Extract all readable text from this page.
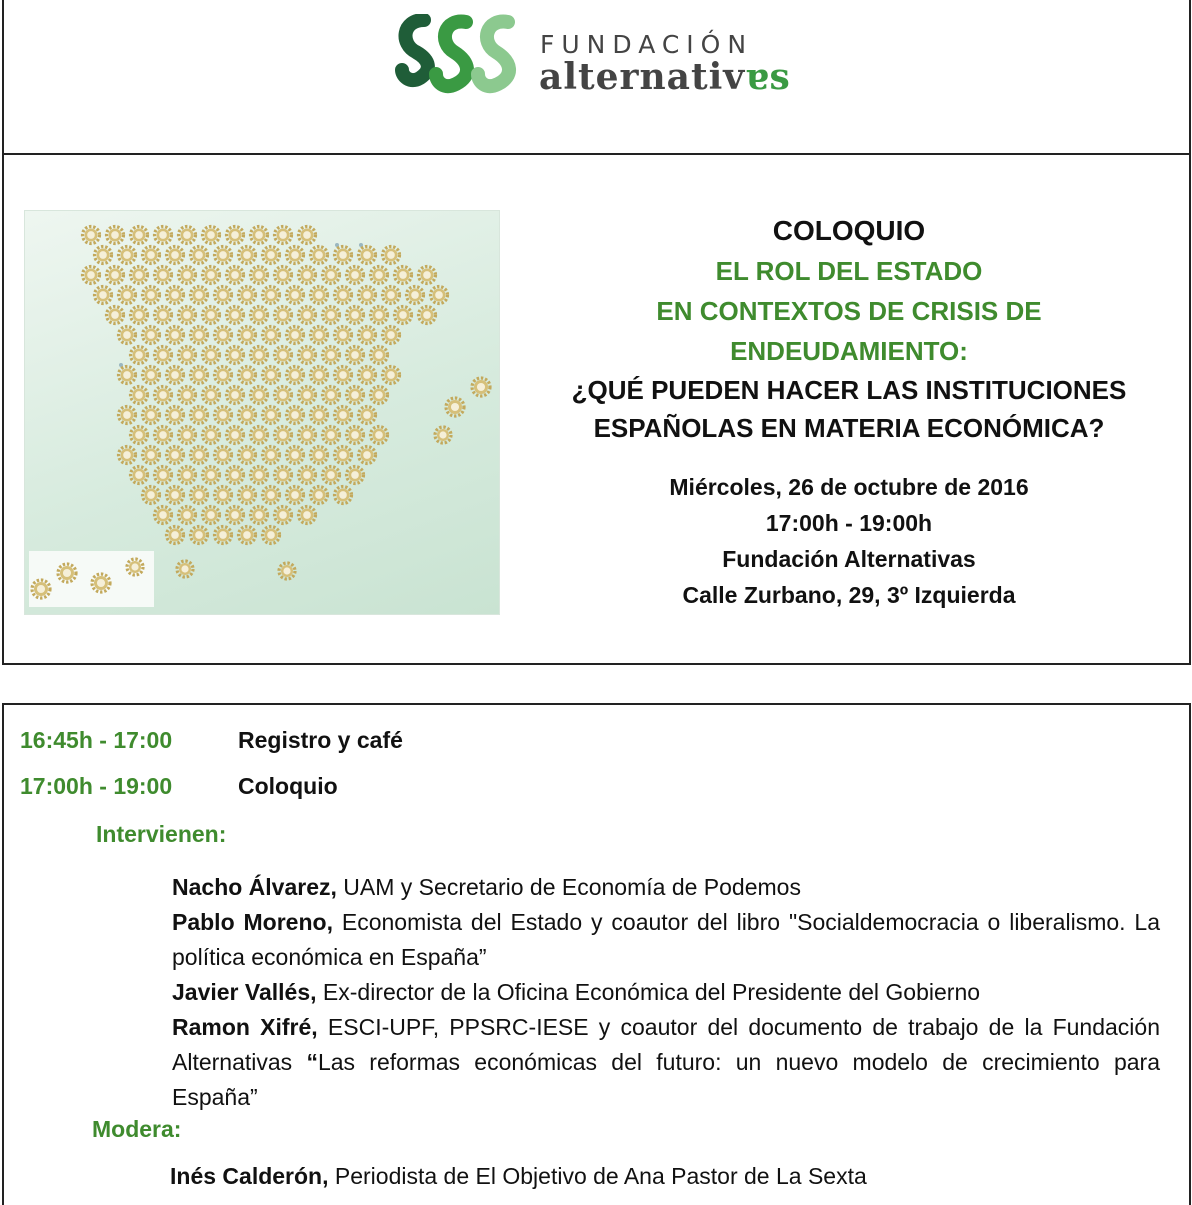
FUNDACIÓN
alternativɐs
COLOQUIO
EL ROL DEL ESTADO
EN CONTEXTOS DE CRISIS DE
ENDEUDAMIENTO:
¿QUÉ PUEDEN HACER LAS INSTITUCIONES
ESPAÑOLAS EN MATERIA ECONÓMICA?
Miércoles, 26 de octubre de 2016
17:00h - 19:00h
Fundación Alternativas
Calle Zurbano, 29, 3º Izquierda
16:45h - 17:00	Registro y café
17:00h - 19:00	Coloquio
Intervienen:

Nacho Álvarez, UAM y Secretario de Economía de Podemos

Pablo Moreno, Economista del Estado y coautor del libro "Socialdemocracia o liberalismo. La política económica en España”

Javier Vallés, Ex-director de la Oficina Económica del Presidente del Gobierno

Ramon Xifré, ESCI-UPF, PPSRC-IESE y coautor del documento de trabajo de la Fundación Alternativas “Las reformas económicas del futuro: un nuevo modelo de crecimiento para España”

Modera:
Inés Calderón, Periodista de El Objetivo de Ana Pastor de La Sexta
